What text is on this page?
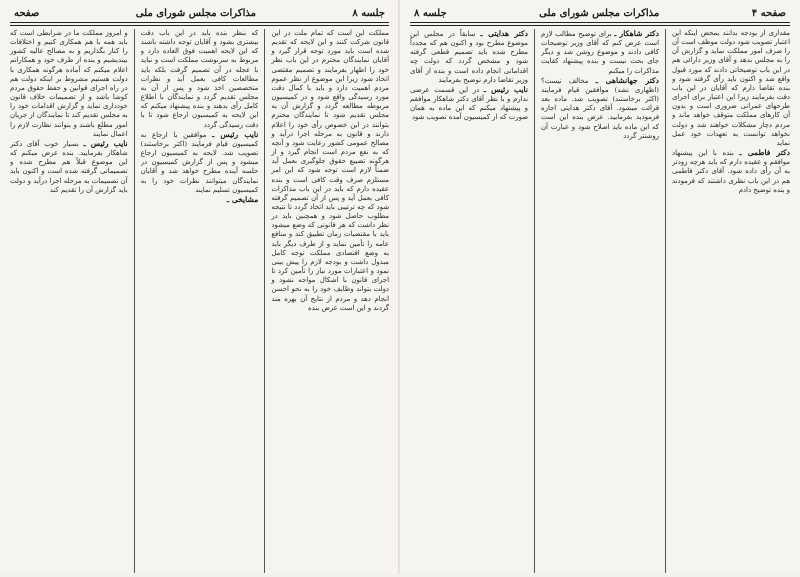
جلسه ۸
مذاکرات مجلس شورای ملی
صفحه

مملکت این است که تمام ملت در این قانون شرکت کنند و این لایحه که تقدیم شده است باید مورد توجه قرار گیرد و آقایان نمایندگان محترم در این باب نظر خود را اظهار بفرمایند و تصمیم مقتضی اتخاذ شود زیرا این موضوع از نظر عموم مردم اهمیت دارد و باید با کمال دقت مورد رسیدگی واقع شود و در کمیسیون مربوطه مطالعه گردد و گزارش آن به مجلس تقدیم شود تا نمایندگان محترم بتوانند در این خصوص رأی خود را اعلام دارند و قانون به مرحله اجرا درآید و مصالح عمومی کشور رعایت شود و آنچه که به نفع مردم است انجام گیرد و از هرگونه تضییع حقوق جلوگیری بعمل آید ضمناً لازم است توجه شود که این امر مستلزم صرف وقت کافی است و بنده عقیده دارم که باید در این باب مذاکرات کافی بعمل آید و پس از آن تصمیم گرفته شود که چه ترتیبی باید اتخاذ گردد تا نتیجه مطلوب حاصل شود و همچنین باید در نظر داشت که هر قانونی که وضع میشود باید با مقتضیات زمان تطبیق کند و منافع عامه را تأمین نماید و از طرف دیگر باید به وضع اقتصادی مملکت توجه کامل مبذول داشت و بودجه لازم را پیش بینی نمود و اعتبارات مورد نیاز را تأمین کرد تا اجرای قانون با اشکال مواجه نشود و دولت بتواند وظایف خود را به نحو احسن انجام دهد و مردم از نتایج آن بهره مند گردند و این است عرض بنده

که بنظر بنده باید در این باب دقت بیشتری بشود و آقایان توجه داشته باشند که این لایحه اهمیت فوق العاده دارد و مربوط به سرنوشت مملکت است و نباید با عجله در آن تصمیم گرفت بلکه باید مطالعات کافی بعمل آید و نظرات متخصصین اخذ شود و پس از آن به مجلس تقدیم گردد و نمایندگان با اطلاع کامل رأی بدهند و بنده پیشنهاد میکنم که این لایحه به کمیسیون ارجاع شود تا با دقت رسیدگی گردد

نایب رئیس ـ موافقین با ارجاع به کمیسیون قیام فرمایند (اکثر برخاستند) تصویب شد. لایحه به کمیسیون ارجاع میشود و پس از گزارش کمیسیون در جلسه آینده مطرح خواهد شد و آقایان نمایندگان میتوانند نظرات خود را به کمیسیون تسلیم نمایند

مشایخی ـ

و امروز مملکت ما در شرایطی است که باید همه با هم همکاری کنیم و اختلافات را کنار بگذاریم و به مصالح عالیه کشور بیندیشیم و بنده از طرف خود و همکارانم اعلام میکنم که آماده هرگونه همکاری با دولت هستیم مشروط بر اینکه دولت هم در راه اجرای قوانین و حفظ حقوق مردم کوشا باشد و از تصمیمات خلاف قانون خودداری نماید و گزارش اقدامات خود را به مجلس تقدیم کند تا نمایندگان از جریان امور مطلع باشند و بتوانند نظارت لازم را اعمال نمایند

نایب رئیس ـ بسیار خوب آقای دکتر شاهکار بفرمایید. بنده عرض میکنم که این موضوع قبلاً هم مطرح شده و تصمیماتی گرفته شده است و اکنون باید آن تصمیمات به مرحله اجرا درآید و دولت باید گزارش آن را تقدیم کند

صفحه ۴
مذاکرات مجلس شورای ملی
جلسه ۸

مقداری از بودجه بدانند بمحض اینکه این اعتبار تصویب شود دولت موظف است آن را صرف امور مملکت نماید و گزارش آن را به مجلس بدهد و آقای وزیر دارائی هم در این باب توضیحاتی دادند که مورد قبول واقع شد و اکنون باید رأی گرفته شود و بنده تقاضا دارم که آقایان در این باب دقت بفرمایند زیرا این اعتبار برای اجرای طرحهای عمرانی ضروری است و بدون آن کارهای مملکت متوقف خواهد ماند و مردم دچار مشکلات خواهند شد و دولت نخواهد توانست به تعهدات خود عمل نماید

دکتر فاطمی ـ بنده با این پیشنهاد موافقم و عقیده دارم که باید هرچه زودتر به آن رأی داده شود. آقای دکتر فاطمی هم در این باب نظری داشتند که فرمودند و بنده توضیح دادم

دکتر شاهکار ـ برای توضیح مطالب لازم است عرض کنم که آقای وزیر توضیحات کافی دادند و موضوع روشن شد و دیگر جای بحث نیست و بنده پیشنهاد کفایت مذاکرات را میکنم

دکتر جهانشاهی ـ مخالف نیست؟ (اظهاری نشد) موافقین قیام فرمایند (اکثر برخاستند) تصویب شد. ماده بعد قرائت میشود. آقای دکتر هدایتی اجازه فرمودید بفرمایید. عرض بنده این است که این ماده باید اصلاح شود و عبارت آن روشنتر گردد

دکتر هدایتی ـ سابقاً در مجلس این موضوع مطرح بود و اکنون هم که مجدداً مطرح شده باید تصمیم قطعی گرفته شود و مشخص گردد که دولت چه اقداماتی انجام داده است و بنده از آقای وزیر تقاضا دارم توضیح بفرمایند

نایب رئیس ـ در این قسمت عرضی ندارم و با نظر آقای دکتر شاهکار موافقم و پیشنهاد میکنم که این ماده به همان صورت که از کمیسیون آمده تصویب شود
